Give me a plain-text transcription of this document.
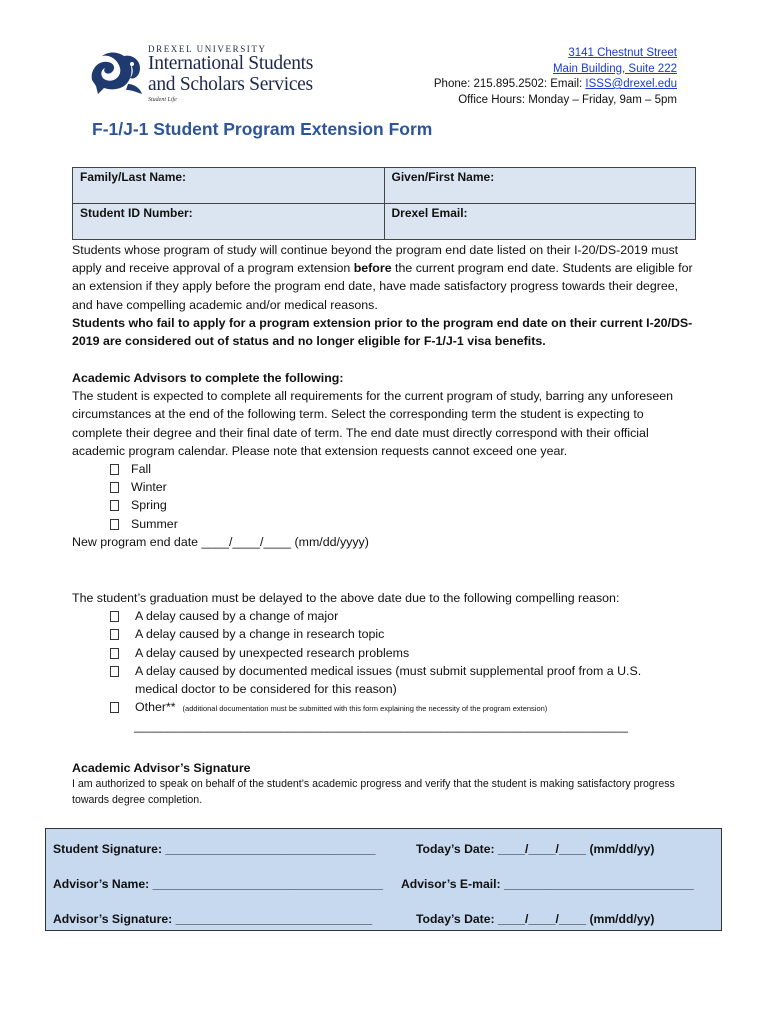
DREXEL UNIVERSITY
International Students
and Scholars Services
Student Life
3141 Chestnut Street
Main Building, Suite 222
Phone: 215.895.2502: Email: ISSS@drexel.edu
Office Hours: Monday – Friday, 9am – 5pm
F-1/J-1 Student Program Extension Form
Family/Last Name:	Given/First Name:
Student ID Number:	Drexel Email:

Students whose program of study will continue beyond the program end date listed on their I-20/DS-2019 must apply and receive approval of a program extension before the current program end date. Students are eligible for an extension if they apply before the program end date, have made satisfactory progress towards their degree, and have compelling academic and/or medical reasons.

Students who fail to apply for a program extension prior to the program end date on their current I-20/DS-2019 are considered out of status and no longer eligible for F-1/J-1 visa benefits.

Academic Advisors to complete the following:

The student is expected to complete all requirements for the current program of study, barring any unforeseen circumstances at the end of the following term. Select the corresponding term the student is expecting to complete their degree and their final date of term. The end date must directly correspond with their official academic program calendar. Please note that extension requests cannot exceed one year.

Fall
Winter
Spring
Summer

New program end date ____/____/____ (mm/dd/yyyy)

The student’s graduation must be delayed to the above date due to the following compelling reason:

A delay caused by a change of major
A delay caused by a change in research topic
A delay caused by unexpected research problems
A delay caused by documented medical issues (must submit supplemental proof from a U.S. medical doctor to be considered for this reason)
Other** (additional documentation must be submitted with this form explaining the necessity of the program extension)
__________________________________________________________________________

Academic Advisor’s Signature

I am authorized to speak on behalf of the student’s academic progress and verify that the student is making satisfactory progress towards degree completion.

Student Signature: _______________________________	Today’s Date: ____/____/____ (mm/dd/yy)
Advisor’s Name: __________________________________ Advisor’s E-mail: ____________________________
Advisor’s Signature: _____________________________	Today’s Date: ____/____/____ (mm/dd/yy)
